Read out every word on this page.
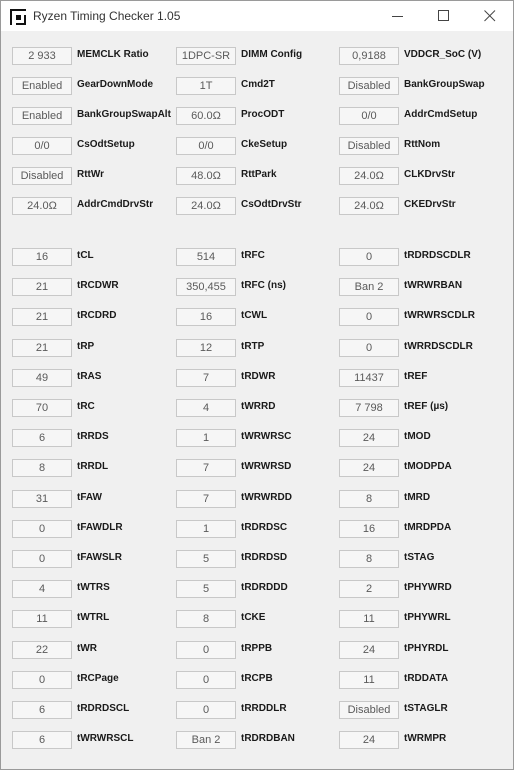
Ryzen Timing Checker 1.05
2 933	MEMCLK Ratio	1DPC-SR	DIMM Config	0,9188	VDDCR_SoC (V)
Enabled	GearDownMode	1T	Cmd2T	Disabled	BankGroupSwap
Enabled	BankGroupSwapAlt	60.0Ω	ProcODT	0/0	AddrCmdSetup
0/0	CsOdtSetup	0/0	CkeSetup	Disabled	RttNom
Disabled	RttWr	48.0Ω	RttPark	24.0Ω	CLKDrvStr
24.0Ω	AddrCmdDrvStr	24.0Ω	CsOdtDrvStr	24.0Ω	CKEDrvStr
16	tCL	514	tRFC	0	tRDRDSCDLR
21	tRCDWR	350,455	tRFC (ns)	Ban 2	tWRWRBAN
21	tRCDRD	16	tCWL	0	tWRWRSCDLR
21	tRP	12	tRTP	0	tWRRDSCDLR
49	tRAS	7	tRDWR	11437	tREF
70	tRC	4	tWRRD	7 798	tREF (µs)
6	tRRDS	1	tWRWRSC	24	tMOD
8	tRRDL	7	tWRWRSD	24	tMODPDA
31	tFAW	7	tWRWRDD	8	tMRD
0	tFAWDLR	1	tRDRDSC	16	tMRDPDA
0	tFAWSLR	5	tRDRDSD	8	tSTAG
4	tWTRS	5	tRDRDDD	2	tPHYWRD
11	tWTRL	8	tCKE	11	tPHYWRL
22	tWR	0	tRPPB	24	tPHYRDL
0	tRCPage	0	tRCPB	11	tRDDATA
6	tRDRDSCL	0	tRRDDLR	Disabled	tSTAGLR
6	tWRWRSCL	Ban 2	tRDRDBAN	24	tWRMPR
